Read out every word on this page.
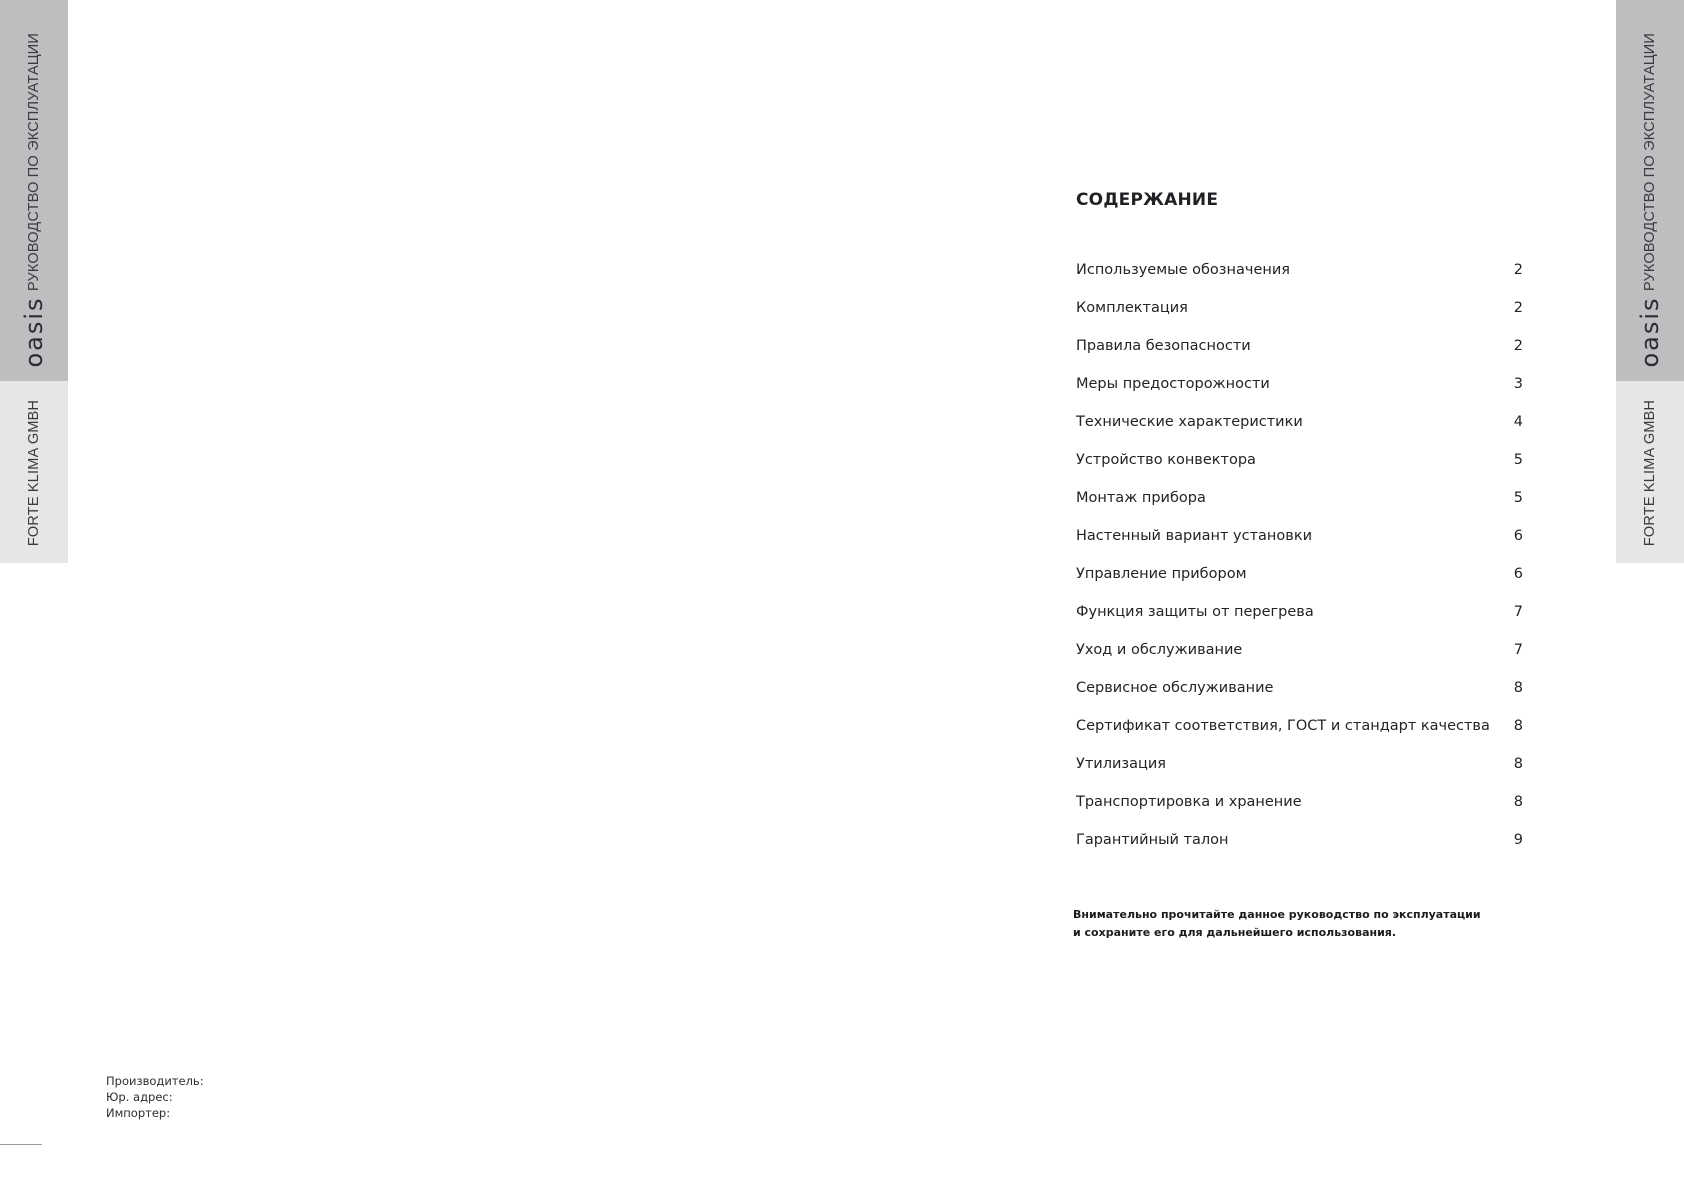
РУКОВОДСТВО ПО ЭКСПЛУАТАЦИИ
oasis
FORTE KLIMA GMBH
РУКОВОДСТВО ПО ЭКСПЛУАТАЦИИ
oasis
FORTE KLIMA GMBH
СОДЕРЖАНИЕ
Используемые обозначения	2
Комплектация	2
Правила безопасности	2
Меры предосторожности	3
Технические характеристики	4
Устройство конвектора	5
Монтаж прибора	5
Настенный вариант установки	6
Управление прибором	6
Функция защиты от перегрева	7
Уход и обслуживание	7
Сервисное обслуживание	8
Сертификат соответствия, ГОСТ и стандарт качества	8
Утилизация	8
Транспортировка и хранение	8
Гарантийный талон	9
Внимательно прочитайте данное руководство по эксплуатации
и сохраните его для дальнейшего использования.
Производитель:
Юр. адрес:
Импортер:
